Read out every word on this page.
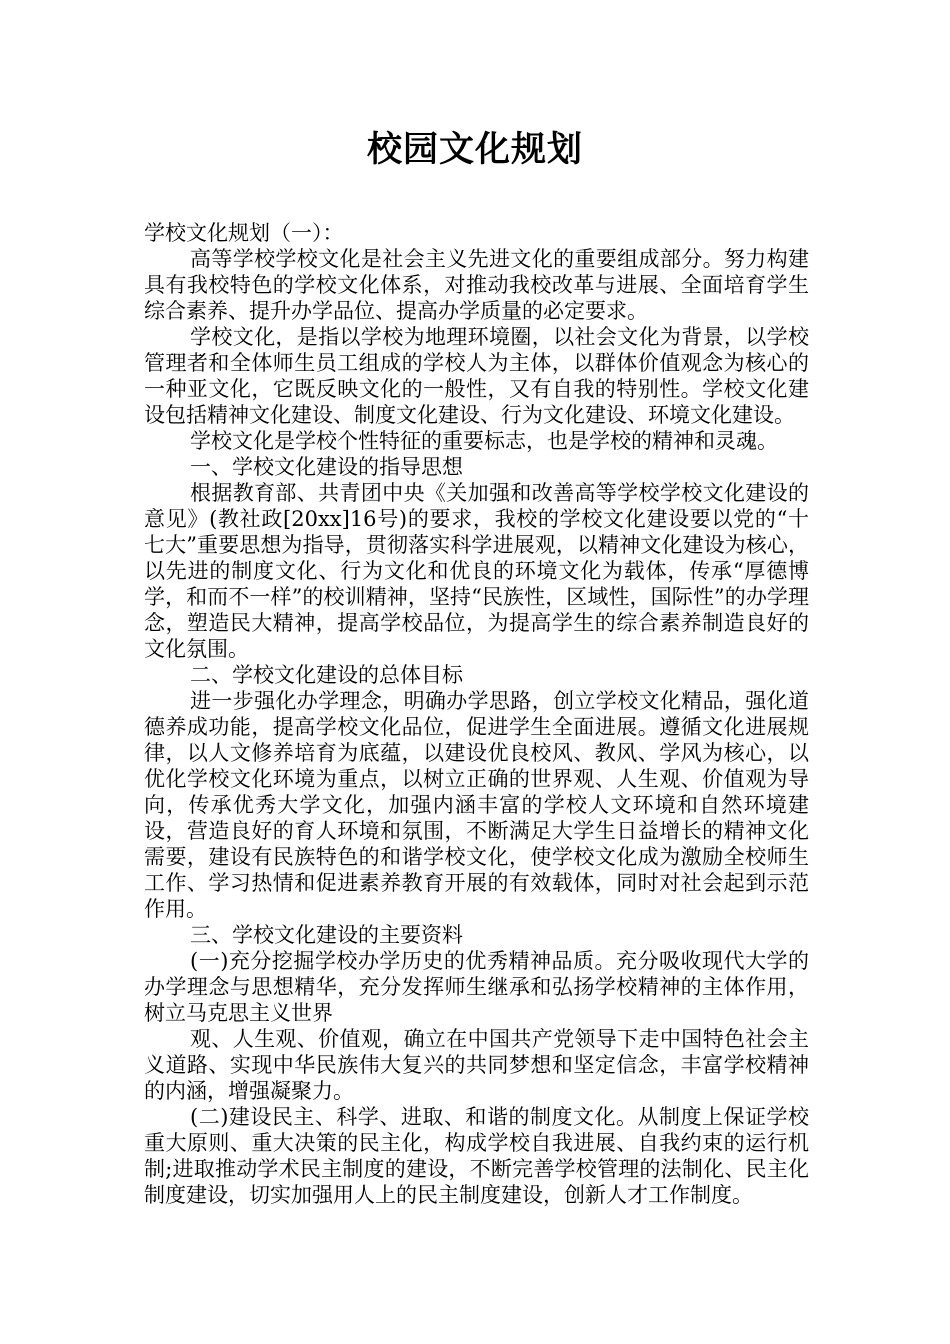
校园文化规划

学校文化规划（一）：

高等学校学校文化是社会主义先进文化的重要组成部分。努力构建具有我校特色的学校文化体系，对推动我校改革与进展、全面培育学生综合素养、提升办学品位、提高办学质量的必定要求。

学校文化，是指以学校为地理环境圈，以社会文化为背景，以学校管理者和全体师生员工组成的学校人为主体，以群体价值观念为核心的一种亚文化，它既反映文化的一般性，又有自我的特别性。学校文化建设包括精神文化建设、制度文化建设、行为文化建设、环境文化建设。

学校文化是学校个性特征的重要标志，也是学校的精神和灵魂。

一、学校文化建设的指导思想

根据教育部、共青团中央《关加强和改善高等学校学校文化建设的意见》(教社政[20xx]16号)的要求，我校的学校文化建设要以党的“十七大”重要思想为指导，贯彻落实科学进展观，以精神文化建设为核心，以先进的制度文化、行为文化和优良的环境文化为载体，传承“厚德博学，和而不一样”的校训精神，坚持“民族性，区域性，国际性”的办学理念，塑造民大精神，提高学校品位，为提高学生的综合素养制造良好的文化氛围。

二、学校文化建设的总体目标

进一步强化办学理念，明确办学思路，创立学校文化精品，强化道德养成功能，提高学校文化品位，促进学生全面进展。遵循文化进展规律，以人文修养培育为底蕴，以建设优良校风、教风、学风为核心，以优化学校文化环境为重点，以树立正确的世界观、人生观、价值观为导向，传承优秀大学文化，加强内涵丰富的学校人文环境和自然环境建设，营造良好的育人环境和氛围，不断满足大学生日益增长的精神文化需要，建设有民族特色的和谐学校文化，使学校文化成为激励全校师生工作、学习热情和促进素养教育开展的有效载体，同时对社会起到示范作用。

三、学校文化建设的主要资料

(一)充分挖掘学校办学历史的优秀精神品质。充分吸收现代大学的办学理念与思想精华，充分发挥师生继承和弘扬学校精神的主体作用，树立马克思主义世界

观、人生观、价值观，确立在中国共产党领导下走中国特色社会主义道路、实现中华民族伟大复兴的共同梦想和坚定信念，丰富学校精神的内涵，增强凝聚力。

(二)建设民主、科学、进取、和谐的制度文化。从制度上保证学校重大原则、重大决策的民主化，构成学校自我进展、自我约束的运行机制;进取推动学术民主制度的建设，不断完善学校管理的法制化、民主化制度建设，切实加强用人上的民主制度建设，创新人才工作制度。
